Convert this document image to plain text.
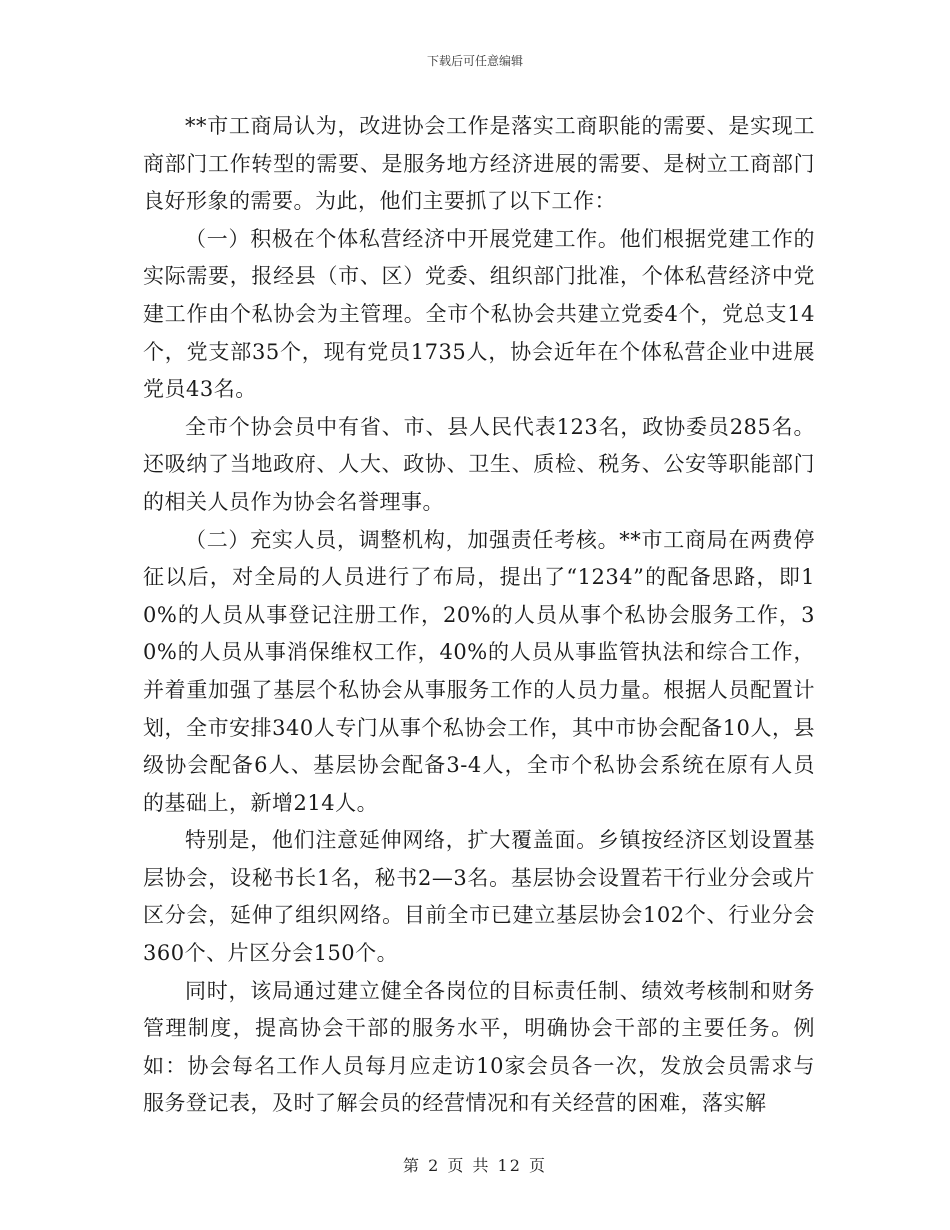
下载后可任意编辑

**市工商局认为，改进协会工作是落实工商职能的需要、是实现工商部门工作转型的需要、是服务地方经济进展的需要、是树立工商部门良好形象的需要。为此，他们主要抓了以下工作：

（一）积极在个体私营经济中开展党建工作。他们根据党建工作的实际需要，报经县（市、区）党委、组织部门批准，个体私营经济中党建工作由个私协会为主管理。全市个私协会共建立党委4个，党总支14个，党支部35个，现有党员1735人，协会近年在个体私营企业中进展党员43名。

全市个协会员中有省、市、县人民代表123名，政协委员285名。还吸纳了当地政府、人大、政协、卫生、质检、税务、公安等职能部门的相关人员作为协会名誉理事。

（二）充实人员，调整机构，加强责任考核。**市工商局在两费停征以后，对全局的人员进行了布局，提出了“1234”的配备思路，即10%的人员从事登记注册工作，20%的人员从事个私协会服务工作，30%的人员从事消保维权工作，40%的人员从事监管执法和综合工作，并着重加强了基层个私协会从事服务工作的人员力量。根据人员配置计划，全市安排340人专门从事个私协会工作，其中市协会配备10人，县级协会配备6人、基层协会配备3-4人，全市个私协会系统在原有人员的基础上，新增214人。

特别是，他们注意延伸网络，扩大覆盖面。乡镇按经济区划设置基层协会，设秘书长1名，秘书2—3名。基层协会设置若干行业分会或片区分会，延伸了组织网络。目前全市已建立基层协会102个、行业分会360个、片区分会150个。

同时，该局通过建立健全各岗位的目标责任制、绩效考核制和财务管理制度，提高协会干部的服务水平，明确协会干部的主要任务。例如：协会每名工作人员每月应走访10家会员各一次，发放会员需求与服务登记表，及时了解会员的经营情况和有关经营的困难，落实解

第 2 页 共 12 页
